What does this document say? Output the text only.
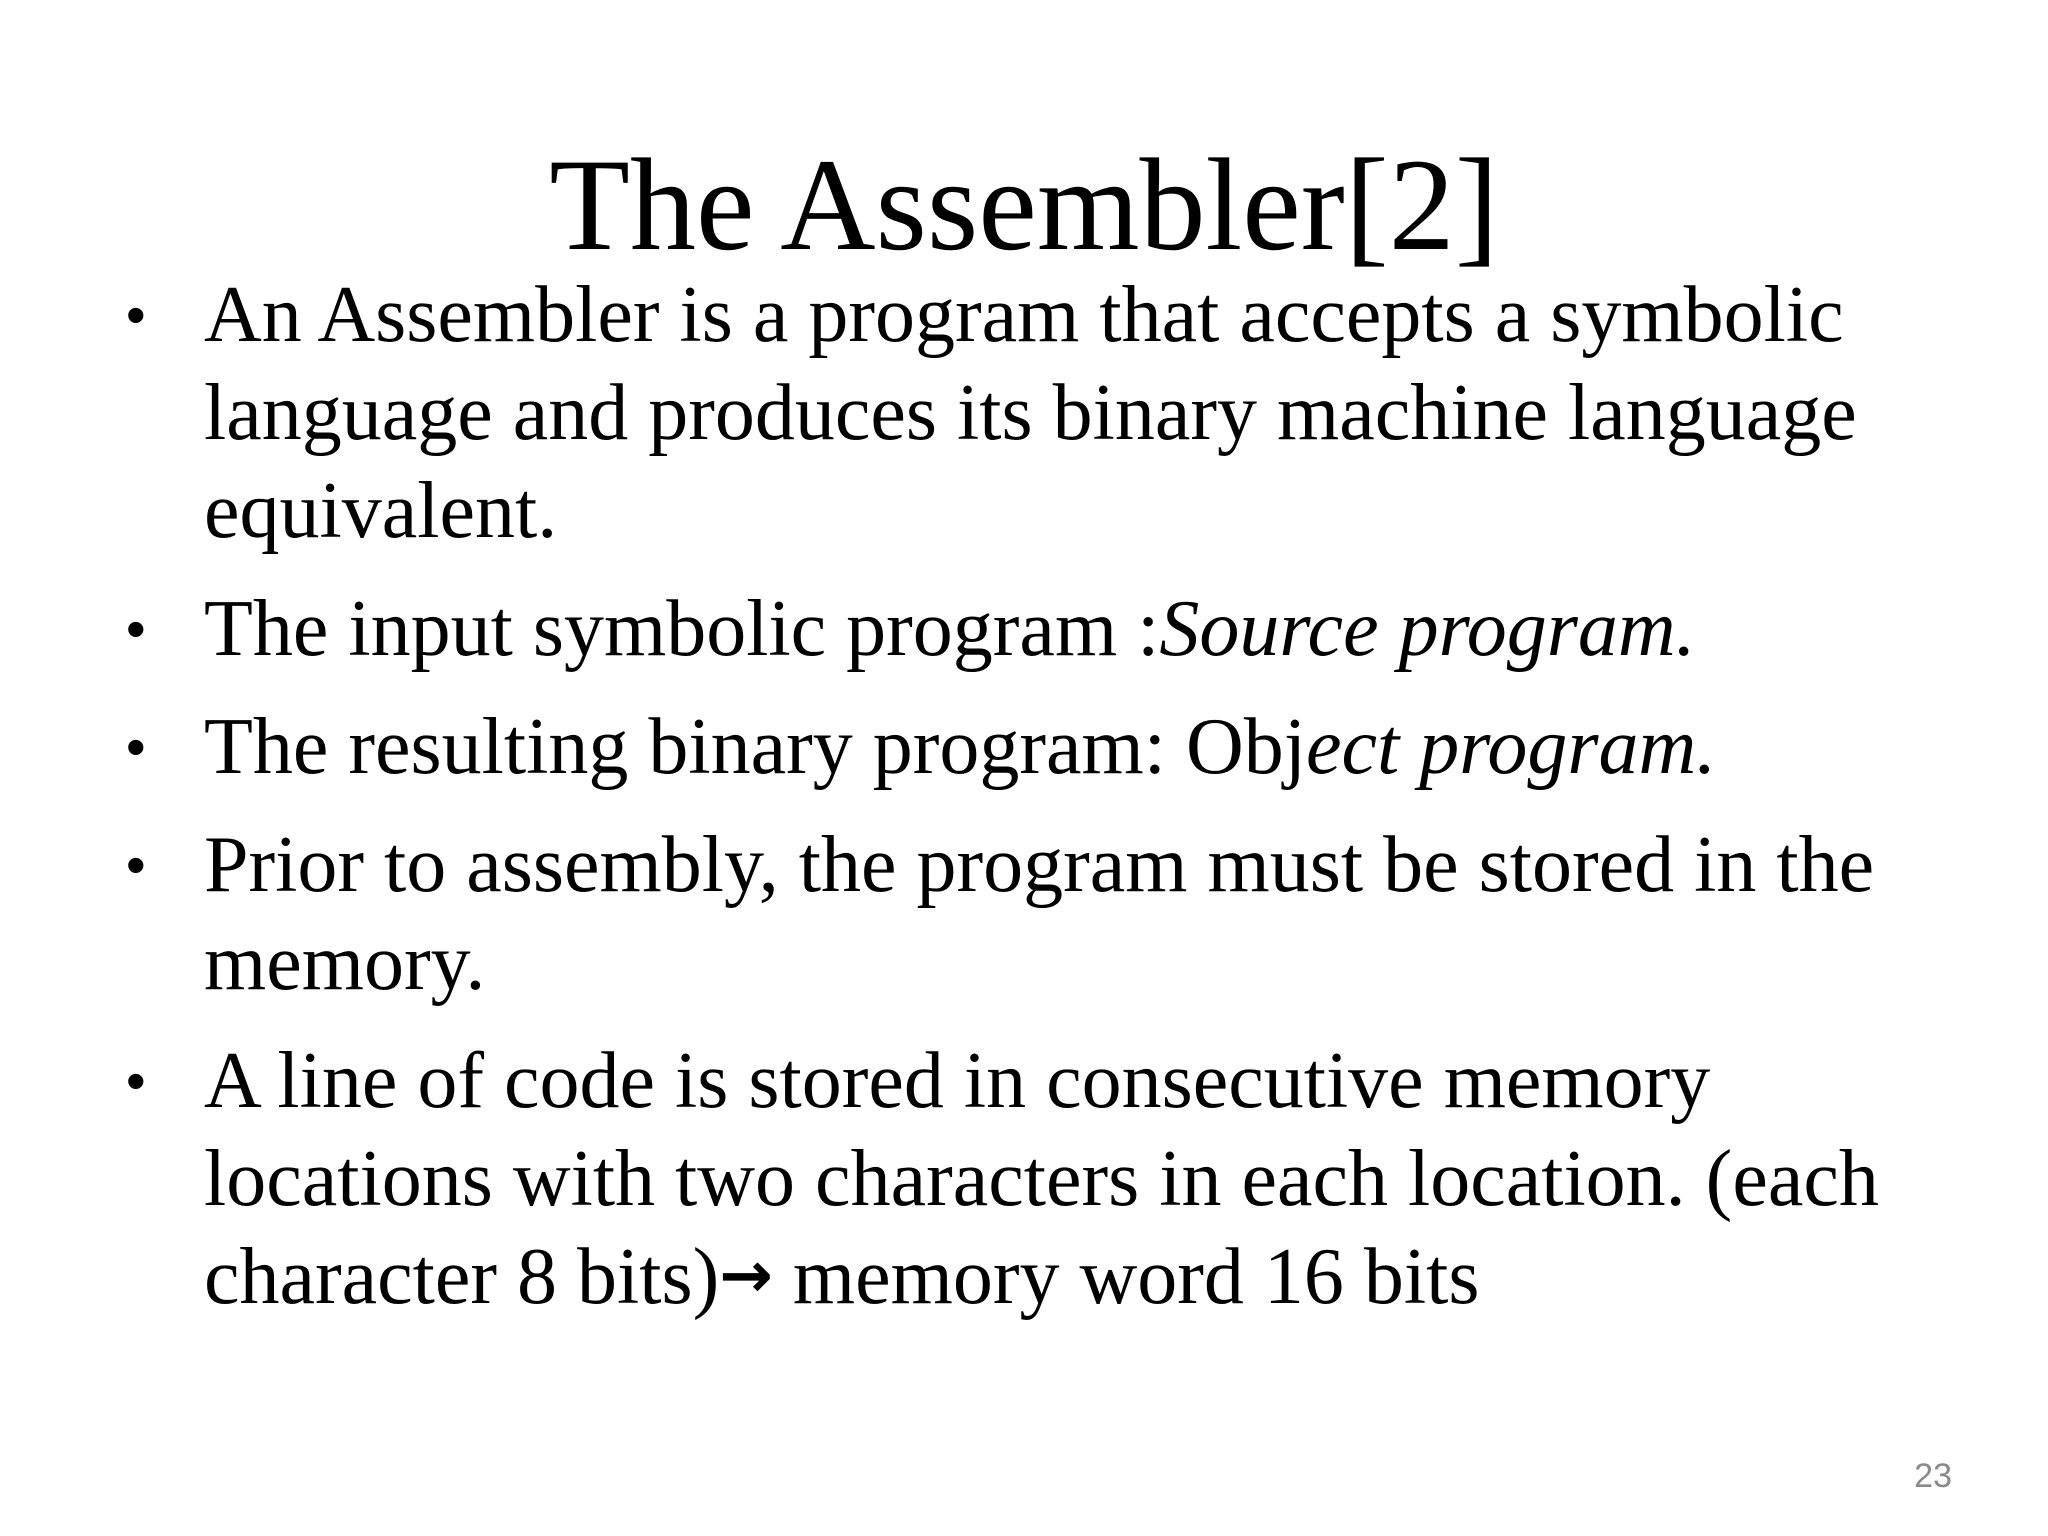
The Assembler[2]
• An Assembler is a program that accepts a symbolic
language and produces its binary machine language
equivalent.
• The input symbolic program :Source program.
• The resulting binary program: Object program.
• Prior to assembly, the program must be stored in the
memory.
• A line of code is stored in consecutive memory
locations with two characters in each location. (each
character 8 bits)→ memory word 16 bits
23
